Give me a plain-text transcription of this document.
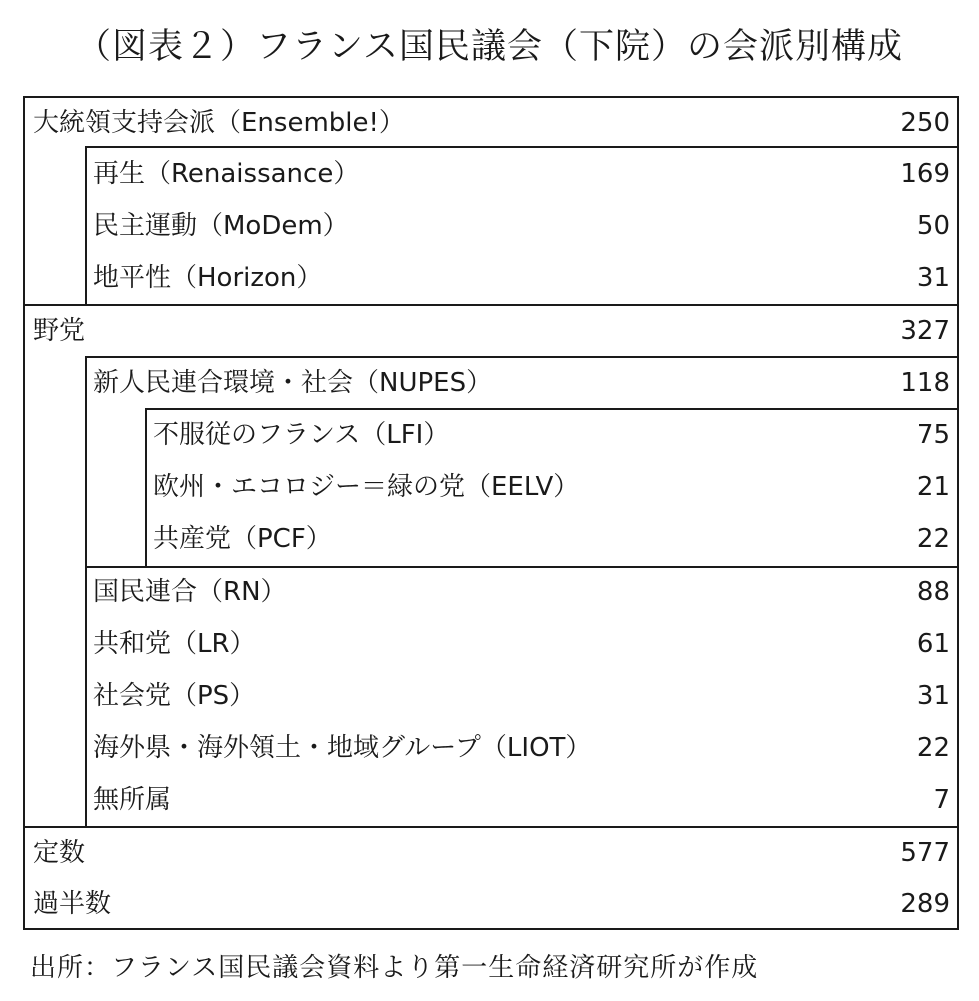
（図表２）フランス国民議会（下院）の会派別構成
大統領支持会派（Ensemble!）	250
再生（Renaissance）	169
民主運動（MoDem）	50
地平性（Horizon）	31
野党	327
新人民連合環境・社会（NUPES）	118
不服従のフランス（LFI）	75
欧州・エコロジー＝緑の党（EELV）	21
共産党（PCF）	22
国民連合（RN）	88
共和党（LR）	61
社会党（PS）	31
海外県・海外領土・地域グループ（LIOT）	22
無所属	7
定数	577
過半数	289
出所：フランス国民議会資料より第一生命経済研究所が作成
